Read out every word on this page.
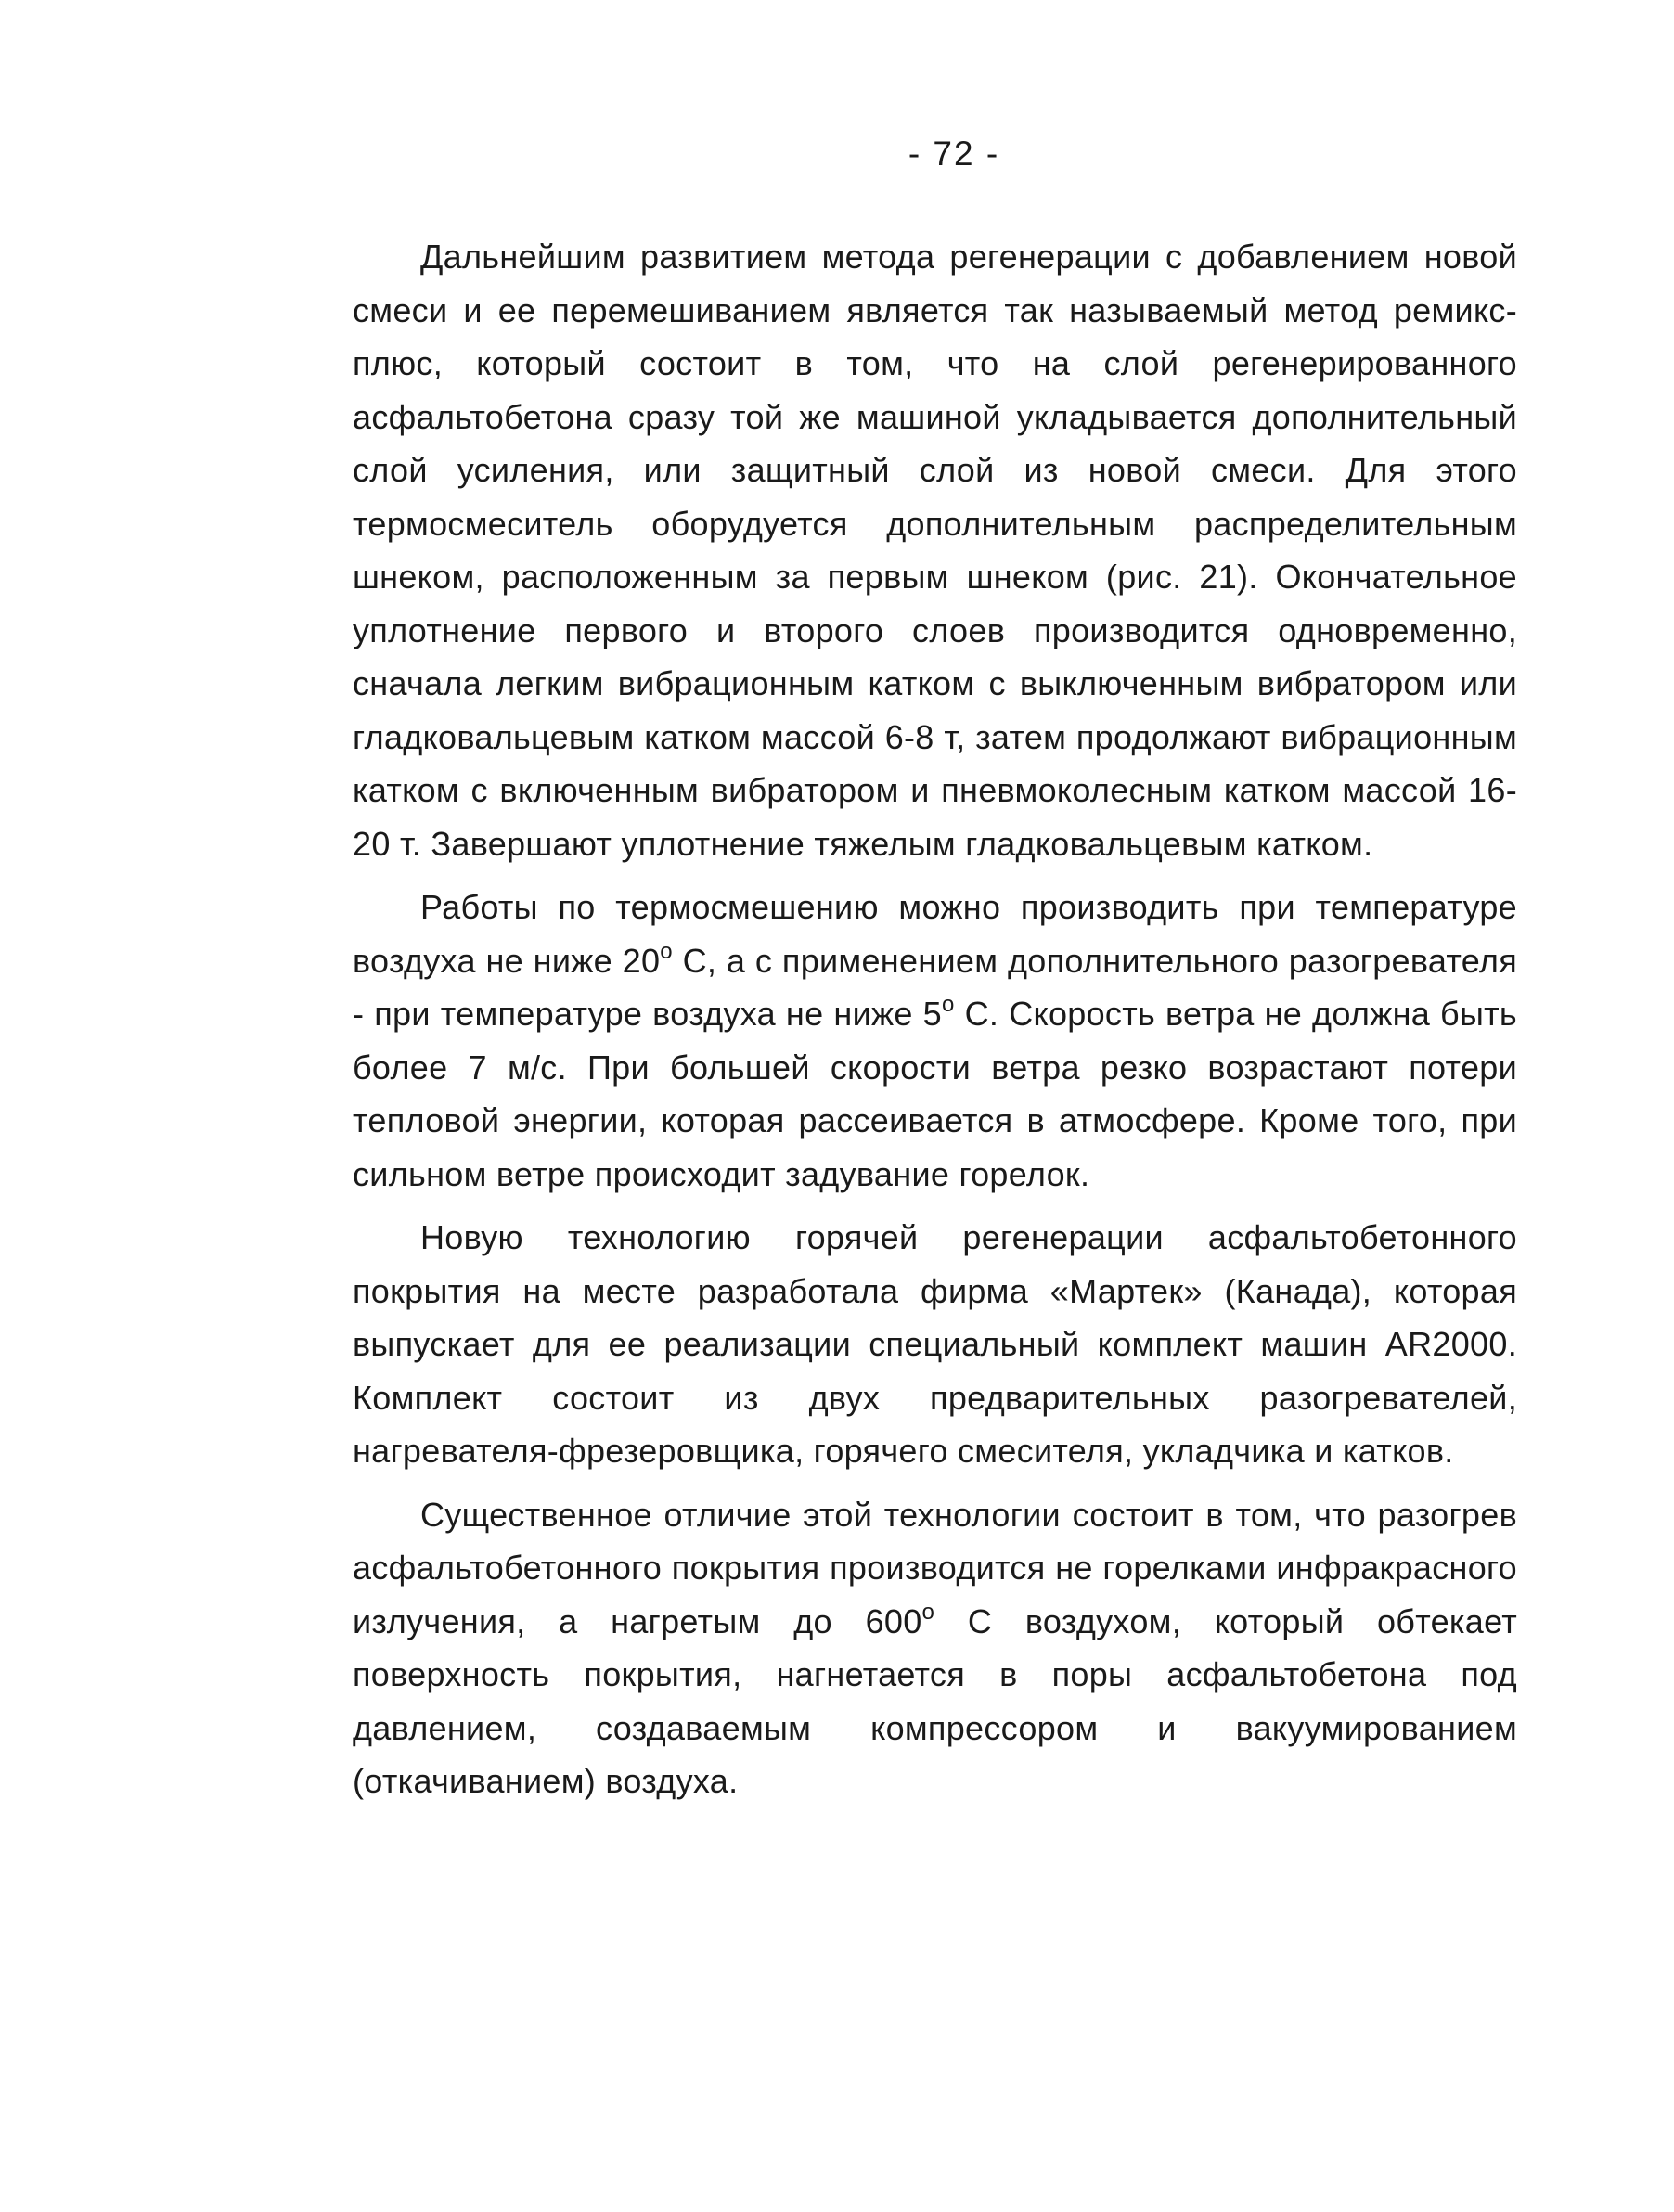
- 72 -

Дальнейшим развитием метода регенерации с добавлением новой смеси и ее перемешиванием является так называемый метод ремикс-плюс, который состоит в том, что на слой регенерированного асфальтобетона сразу той же машиной укладывается дополнительный слой усиления, или защитный слой из новой смеси. Для этого термосмеситель оборудуется дополнительным распределительным шнеком, расположенным за первым шнеком (рис. 21). Окончательное уплотнение первого и второго слоев производится одновременно, сначала легким вибрационным катком с выключенным вибратором или гладковальцевым катком массой 6-8 т, затем продолжают вибрационным катком с включенным вибратором и пневмоколесным катком массой 16-20 т. Завершают уплотнение тяжелым гладковальцевым катком.

Работы по термосмешению можно производить при температуре воздуха не ниже 20$^o$ С, а с применением дополнительного разогревателя - при температуре воздуха не ниже 5$^o$ С. Скорость ветра не должна быть более 7 м/с. При большей скорости ветра резко возрастают потери тепловой энергии, которая рассеивается в атмосфере. Кроме того, при сильном ветре происходит задувание горелок.

Новую технологию горячей регенерации асфальтобетонного покрытия на месте разработала фирма «Мартек» (Канада), которая выпускает для ее реализации специальный комплект машин AR2000. Комплект состоит из двух предварительных разогревателей, нагревателя-фрезеровщика, горячего смесителя, укладчика и катков.

Существенное отличие этой технологии состоит в том, что разогрев асфальтобетонного покрытия производится не горелками инфракрасного излучения, а нагретым до 600$^o$ С воздухом, который обтекает поверхность покрытия, нагнетается в поры асфальтобетона под давлением, создаваемым компрессором и вакуумированием (откачиванием) воздуха.
